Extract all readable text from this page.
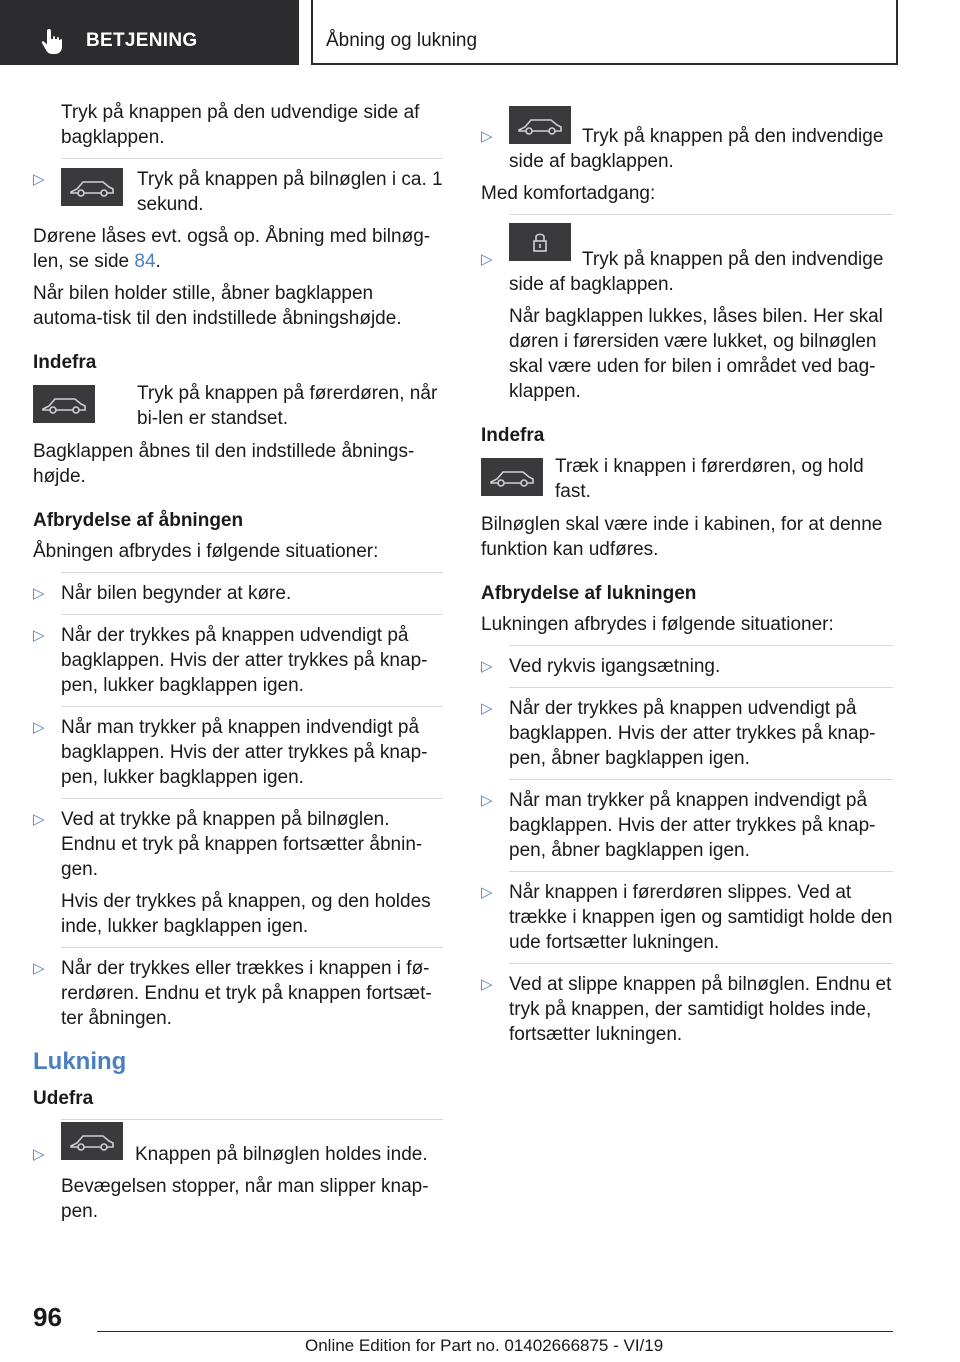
BETJENING	Åbning og lukning

Tryk på knappen på den udvendige side af bagklappen.

▷	Tryk på knappen på bilnøglen i ca. 1 sekund.

Dørene låses evt. også op. Åbning med bilnøg-len, se side 84.

Når bilen holder stille, åbner bagklappen automa-tisk til den indstillede åbningshøjde.

Indefra

Tryk på knappen på førerdøren, når bi-len er standset.

Bagklappen åbnes til den indstillede åbnings-højde.

Afbrydelse af åbningen

Åbningen afbrydes i følgende situationer:

▷ Når bilen begynder at køre.

▷ Når der trykkes på knappen udvendigt på bagklappen. Hvis der atter trykkes på knap-pen, lukker bagklappen igen.

▷ Når man trykker på knappen indvendigt på bagklappen. Hvis der atter trykkes på knap-pen, lukker bagklappen igen.

▷ Ved at trykke på knappen på bilnøglen. Endnu et tryk på knappen fortsætter åbnin-gen.

Hvis der trykkes på knappen, og den holdes inde, lukker bagklappen igen.

▷ Når der trykkes eller trækkes i knappen i fø-rerdøren. Endnu et tryk på knappen fortsæt-ter åbningen.

Lukning
Udefra
▷	Knappen på bilnøglen holdes inde.

Bevægelsen stopper, når man slipper knap-pen.

▷	Tryk på knappen på den indvendige side af bagklappen.

Med komfortadgang:

▷	Tryk på knappen på den indvendige side af bagklappen.

Når bagklappen lukkes, låses bilen. Her skal døren i førersiden være lukket, og bilnøglen skal være uden for bilen i området ved bag-klappen.

Indefra

Træk i knappen i førerdøren, og hold fast.

Bilnøglen skal være inde i kabinen, for at denne funktion kan udføres.

Afbrydelse af lukningen

Lukningen afbrydes i følgende situationer:

▷ Ved rykvis igangsætning.

▷ Når der trykkes på knappen udvendigt på bagklappen. Hvis der atter trykkes på knap-pen, åbner bagklappen igen.

▷ Når man trykker på knappen indvendigt på bagklappen. Hvis der atter trykkes på knap-pen, åbner bagklappen igen.

▷ Når knappen i førerdøren slippes. Ved at trække i knappen igen og samtidigt holde den ude fortsætter lukningen.

▷ Ved at slippe knappen på bilnøglen. Endnu et tryk på knappen, der samtidigt holdes inde, fortsætter lukningen.

96
Online Edition for Part no. 01402666875 - VI/19
